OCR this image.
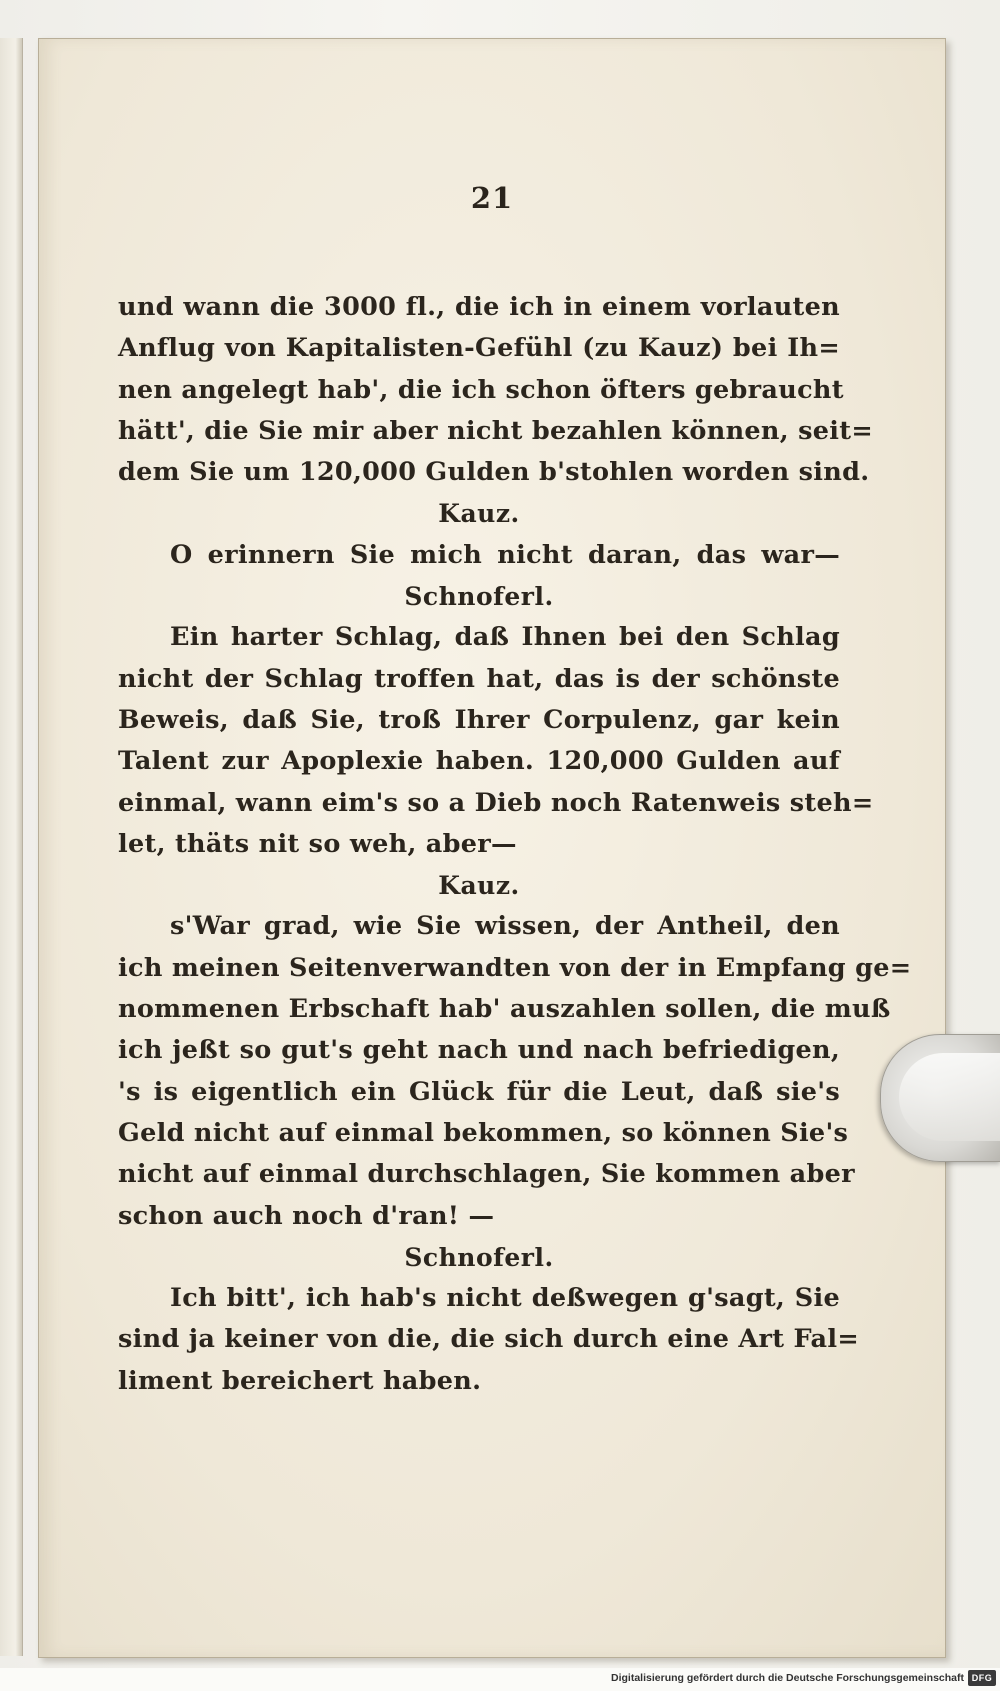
21
und wann die 3000 fl., die ich in einem vorlauten
Anflug von Kapitalisten-Gefühl (zu Kauz) bei Ih=
nen angelegt hab', die ich schon öfters gebraucht
hätt', die Sie mir aber nicht bezahlen können, seit=
dem Sie um 120,000 Gulden b'stohlen worden sind.
Kauz.
O erinnern Sie mich nicht daran, das war—
Schnoferl.
Ein harter Schlag, daß Ihnen bei den Schlag
nicht der Schlag troffen hat, das is der schönste
Beweis, daß Sie, troß Ihrer Corpulenz, gar kein
Talent zur Apoplexie haben. 120,000 Gulden auf
einmal, wann eim's so a Dieb noch Ratenweis steh=
let, thäts nit so weh, aber—
Kauz.
s'War grad, wie Sie wissen, der Antheil, den
ich meinen Seitenverwandten von der in Empfang ge=
nommenen Erbschaft hab' auszahlen sollen, die muß
ich jeßt so gut's geht nach und nach befriedigen,
's is eigentlich ein Glück für die Leut, daß sie's
Geld nicht auf einmal bekommen, so können Sie's
nicht auf einmal durchschlagen, Sie kommen aber
schon auch noch d'ran! —
Schnoferl.
Ich bitt', ich hab's nicht deßwegen g'sagt, Sie
sind ja keiner von die, die sich durch eine Art Fal=
liment bereichert haben.
Digitalisierung gefördert durch die Deutsche Forschungsgemeinschaft DFG
